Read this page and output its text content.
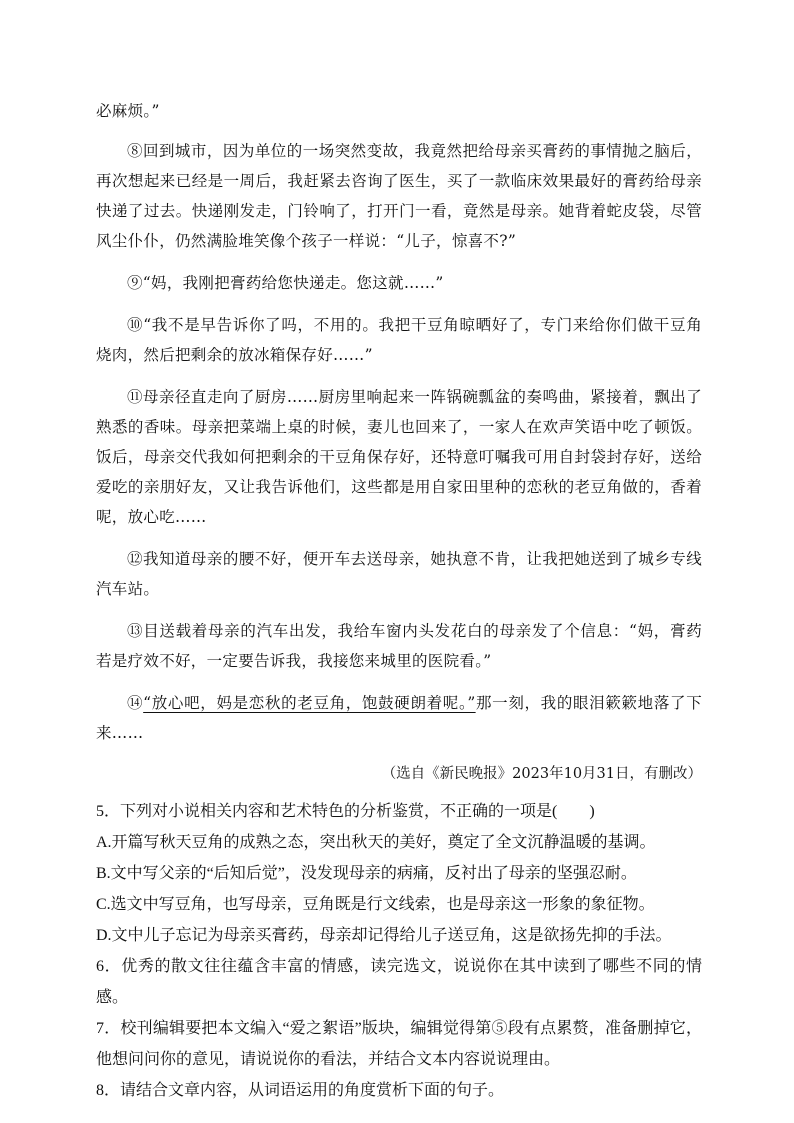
必麻烦。”

⑧回到城市，因为单位的一场突然变故，我竟然把给母亲买膏药的事情抛之脑后，再次想起来已经是一周后，我赶紧去咨询了医生，买了一款临床效果最好的膏药给母亲快递了过去。快递刚发走，门铃响了，打开门一看，竟然是母亲。她背着蛇皮袋，尽管风尘仆仆，仍然满脸堆笑像个孩子一样说：“儿子，惊喜不?”

⑨“妈，我刚把膏药给您快递走。您这就……”

⑩“我不是早告诉你了吗，不用的。我把干豆角晾晒好了，专门来给你们做干豆角烧肉，然后把剩余的放冰箱保存好……”

⑪母亲径直走向了厨房……厨房里响起来一阵锅碗瓢盆的奏鸣曲，紧接着，飘出了熟悉的香味。母亲把菜端上桌的时候，妻儿也回来了，一家人在欢声笑语中吃了顿饭。饭后，母亲交代我如何把剩余的干豆角保存好，还特意叮嘱我可用自封袋封存好，送给爱吃的亲朋好友，又让我告诉他们，这些都是用自家田里种的恋秋的老豆角做的，香着呢，放心吃……

⑫我知道母亲的腰不好，便开车去送母亲，她执意不肯，让我把她送到了城乡专线汽车站。

⑬目送载着母亲的汽车出发，我给车窗内头发花白的母亲发了个信息：“妈，膏药若是疗效不好，一定要告诉我，我接您来城里的医院看。”

⑭“放心吧，妈是恋秋的老豆角，饱鼓硬朗着呢。”那一刻，我的眼泪簌簌地落了下来……

（选自《新民晚报》2023年10月31日，有删改）

5．下列对小说相关内容和艺术特色的分析鉴赏，不正确的一项是(　　)

A.开篇写秋天豆角的成熟之态，突出秋天的美好，奠定了全文沉静温暖的基调。

B.文中写父亲的“后知后觉”，没发现母亲的病痛，反衬出了母亲的坚强忍耐。

C.选文中写豆角，也写母亲，豆角既是行文线索，也是母亲这一形象的象征物。

D.文中儿子忘记为母亲买膏药，母亲却记得给儿子送豆角，这是欲扬先抑的手法。

6．优秀的散文往往蕴含丰富的情感，读完选文，说说你在其中读到了哪些不同的情感。

7．校刊编辑要把本文编入“爱之絮语”版块，编辑觉得第⑤段有点累赘，准备删掉它，他想问问你的意见，请说说你的看法，并结合文本内容说说理由。

8．请结合文章内容，从词语运用的角度赏析下面的句子。
